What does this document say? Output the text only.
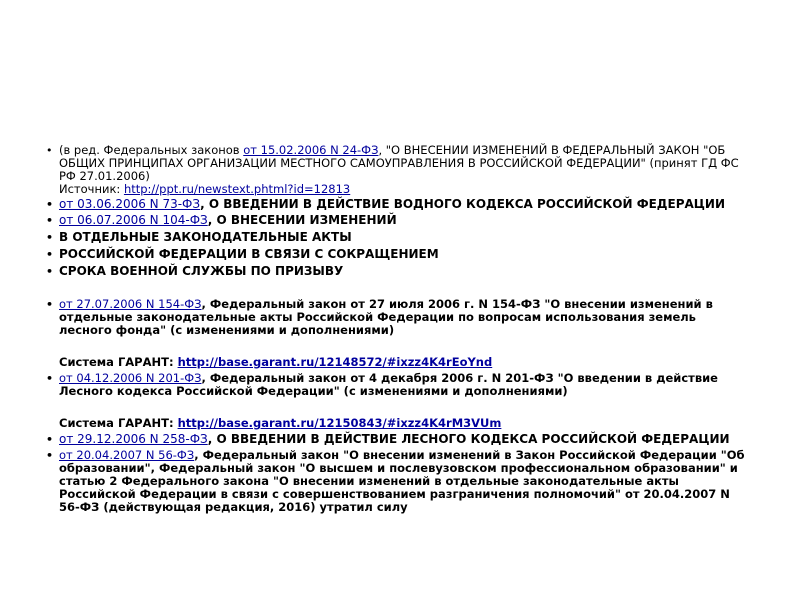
• (в ред. Федеральных законов от 15.02.2006 N 24-ФЗ, "О ВНЕСЕНИИ ИЗМЕНЕНИЙ В ФЕДЕРАЛЬНЫЙ ЗАКОН "ОБ ОБЩИХ ПРИНЦИПАХ ОРГАНИЗАЦИИ МЕСТНОГО САМОУПРАВЛЕНИЯ В РОССИЙСКОЙ ФЕДЕРАЦИИ" (принят ГД ФС РФ 27.01.2006)
Источник: http://ppt.ru/newstext.phtml?id=12813
• от 03.06.2006 N 73-ФЗ, О ВВЕДЕНИИ В ДЕЙСТВИЕ ВОДНОГО КОДЕКСА РОССИЙСКОЙ ФЕДЕРАЦИИ
• от 06.07.2006 N 104-ФЗ, О ВНЕСЕНИИ ИЗМЕНЕНИЙ
• В ОТДЕЛЬНЫЕ ЗАКОНОДАТЕЛЬНЫЕ АКТЫ
• РОССИЙСКОЙ ФЕДЕРАЦИИ В СВЯЗИ С СОКРАЩЕНИЕМ
• СРОКА ВОЕННОЙ СЛУЖБЫ ПО ПРИЗЫВУ
• от 27.07.2006 N 154-ФЗ, Федеральный закон от 27 июля 2006 г. N 154-ФЗ "О внесении изменений в отдельные законодательные акты Российской Федерации по вопросам использования земель лесного фонда" (с изменениями и дополнениями)
Система ГАРАНТ: http://base.garant.ru/12148572/#ixzz4K4rEoYnd
• от 04.12.2006 N 201-ФЗ, Федеральный закон от 4 декабря 2006 г. N 201-ФЗ "О введении в действие Лесного кодекса Российской Федерации" (с изменениями и дополнениями)
Система ГАРАНТ: http://base.garant.ru/12150843/#ixzz4K4rM3VUm
• от 29.12.2006 N 258-ФЗ, О ВВЕДЕНИИ В ДЕЙСТВИЕ ЛЕСНОГО КОДЕКСА РОССИЙСКОЙ ФЕДЕРАЦИИ
• от 20.04.2007 N 56-ФЗ, Федеральный закон "О внесении изменений в Закон Российской Федерации "Об образовании", Федеральный закон "О высшем и послевузовском профессиональном образовании" и статью 2 Федерального закона "О внесении изменений в отдельные законодательные акты Российской Федерации в связи с совершенствованием разграничения полномочий" от 20.04.2007 N 56-ФЗ (действующая редакция, 2016) утратил силу
